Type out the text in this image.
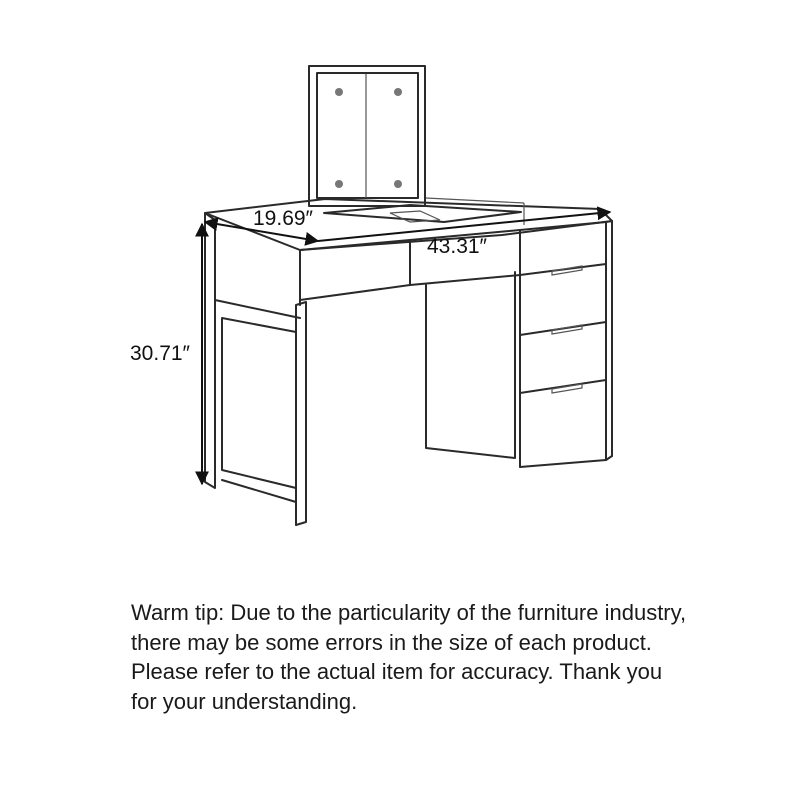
19.69″
43.31″
30.71″

Warm tip: Due to the particularity of the furniture industry, there may be some errors in the size of each product. Please refer to the actual item for accuracy. Thank you for your understanding.
